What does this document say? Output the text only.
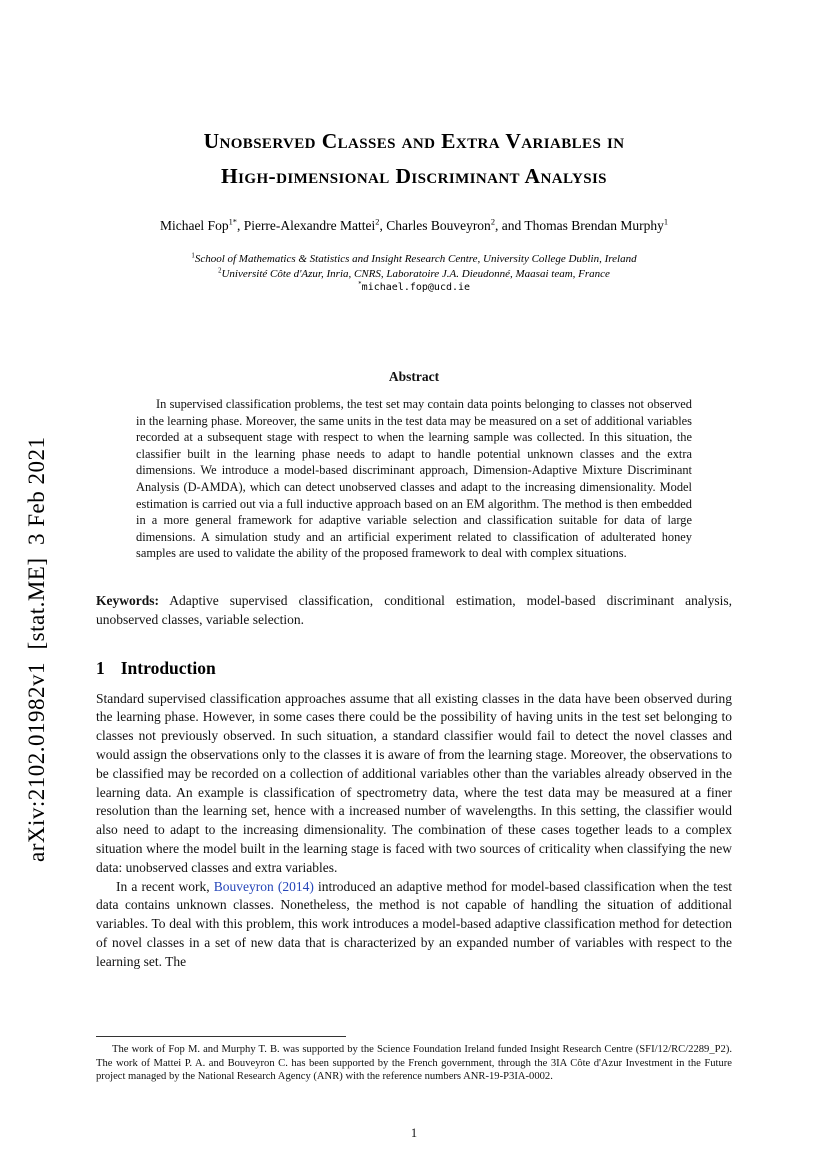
arXiv:2102.01982v1  [stat.ME]  3 Feb 2021
Unobserved Classes and Extra Variables in
High-dimensional Discriminant Analysis
Michael Fop$^{1*}$, Pierre-Alexandre Mattei$^2$, Charles Bouveyron$^2$, and Thomas Brendan Murphy$^1$
$^1$School of Mathematics & Statistics and Insight Research Centre, University College Dublin, Ireland
$^2$Université Côte d'Azur, Inria, CNRS, Laboratoire J.A. Dieudonné, Maasai team, France
*michael.fop@ucd.ie
Abstract

In supervised classification problems, the test set may contain data points belonging to classes not observed in the learning phase. Moreover, the same units in the test data may be measured on a set of additional variables recorded at a subsequent stage with respect to when the learning sample was collected. In this situation, the classifier built in the learning phase needs to adapt to handle potential unknown classes and the extra dimensions. We introduce a model-based discriminant approach, Dimension-Adaptive Mixture Discriminant Analysis (D-AMDA), which can detect unobserved classes and adapt to the increasing dimensionality. Model estimation is carried out via a full inductive approach based on an EM algorithm. The method is then embedded in a more general framework for adaptive variable selection and classification suitable for data of large dimensions. A simulation study and an artificial experiment related to classification of adulterated honey samples are used to validate the ability of the proposed framework to deal with complex situations.

Keywords: Adaptive supervised classification, conditional estimation, model-based discriminant analysis, unobserved classes, variable selection.

1 Introduction

Standard supervised classification approaches assume that all existing classes in the data have been observed during the learning phase. However, in some cases there could be the possibility of having units in the test set belonging to classes not previously observed. In such situation, a standard classifier would fail to detect the novel classes and would assign the observations only to the classes it is aware of from the learning stage. Moreover, the observations to be classified may be recorded on a collection of additional variables other than the variables already observed in the learning data. An example is classification of spectrometry data, where the test data may be measured at a finer resolution than the learning set, hence with a increased number of wavelengths. In this setting, the classifier would also need to adapt to the increasing dimensionality. The combination of these cases together leads to a complex situation where the model built in the learning stage is faced with two sources of criticality when classifying the new data: unobserved classes and extra variables.

In a recent work, Bouveyron (2014) introduced an adaptive method for model-based classification when the test data contains unknown classes. Nonetheless, the method is not capable of handling the situation of additional variables. To deal with this problem, this work introduces a model-based adaptive classification method for detection of novel classes in a set of new data that is characterized by an expanded number of variables with respect to the learning set. The

The work of Fop M. and Murphy T. B. was supported by the Science Foundation Ireland funded Insight Research Centre (SFI/12/RC/2289_P2). The work of Mattei P. A. and Bouveyron C. has been supported by the French government, through the 3IA Côte d'Azur Investment in the Future project managed by the National Research Agency (ANR) with the reference numbers ANR-19-P3IA-0002.

1
